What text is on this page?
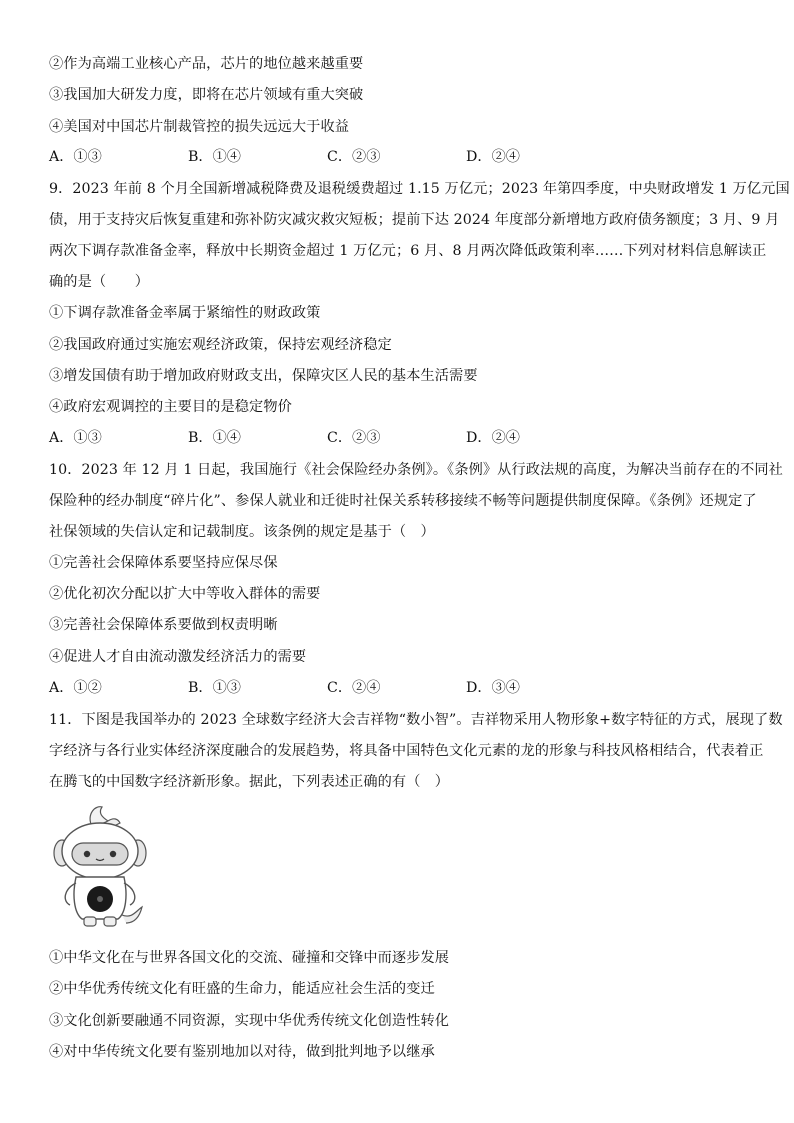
②作为高端工业核心产品，芯片的地位越来越重要
③我国加大研发力度，即将在芯片领域有重大突破
④美国对中国芯片制裁管控的损失远远大于收益
A．①③	B．①④	C．②③	D．②④
9．2023 年前 8 个月全国新增减税降费及退税缓费超过 1.15 万亿元；2023 年第四季度，中央财政增发 1 万亿元国
债，用于支持灾后恢复重建和弥补防灾减灾救灾短板；提前下达 2024 年度部分新增地方政府债务额度；3 月、9 月
两次下调存款准备金率，释放中长期资金超过 1 万亿元；6 月、8 月两次降低政策利率……下列对材料信息解读正
确的是（　　）
①下调存款准备金率属于紧缩性的财政政策
②我国政府通过实施宏观经济政策，保持宏观经济稳定
③增发国债有助于增加政府财政支出，保障灾区人民的基本生活需要
④政府宏观调控的主要目的是稳定物价
A．①③	B．①④	C．②③	D．②④
10．2023 年 12 月 1 日起，我国施行《社会保险经办条例》。《条例》从行政法规的高度，为解决当前存在的不同社
保险种的经办制度“碎片化”、参保人就业和迁徙时社保关系转移接续不畅等问题提供制度保障。《条例》还规定了
社保领域的失信认定和记载制度。该条例的规定是基于（　）
①完善社会保障体系要坚持应保尽保
②优化初次分配以扩大中等收入群体的需要
③完善社会保障体系要做到权责明晰
④促进人才自由流动激发经济活力的需要
A．①②	B．①③	C．②④	D．③④
11．下图是我国举办的 2023 全球数字经济大会吉祥物“数小智”。吉祥物采用人物形象+数字特征的方式，展现了数
字经济与各行业实体经济深度融合的发展趋势，将具备中国特色文化元素的龙的形象与科技风格相结合，代表着正
在腾飞的中国数字经济新形象。据此，下列表述正确的有（　）
①中华文化在与世界各国文化的交流、碰撞和交锋中而逐步发展
②中华优秀传统文化有旺盛的生命力，能适应社会生活的变迁
③文化创新要融通不同资源，实现中华优秀传统文化创造性转化
④对中华传统文化要有鉴别地加以对待，做到批判地予以继承
